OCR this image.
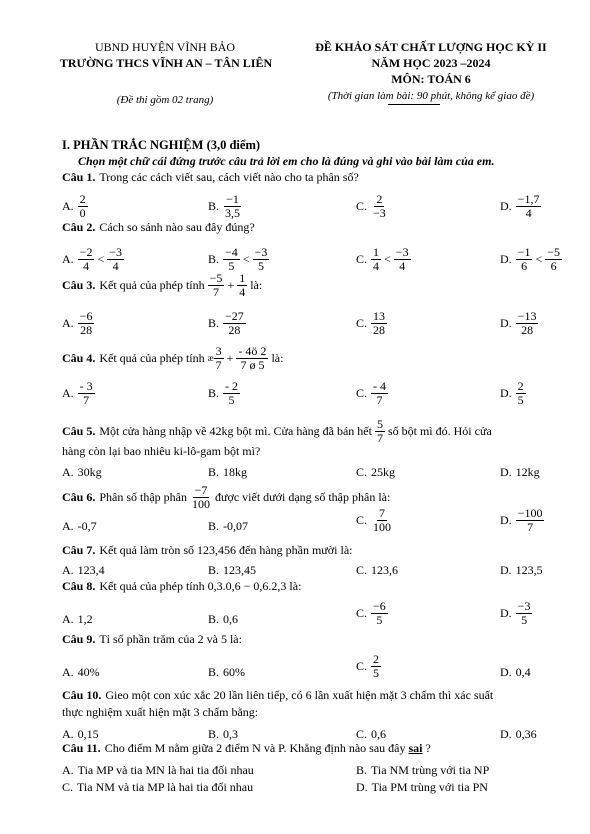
UBND HUYỆN VĨNH BẢO
TRƯỜNG THCS VĨNH AN – TÂN LIÊN
(Đề thi gồm 02 trang)
ĐỀ KHẢO SÁT CHẤT LƯỢNG HỌC KỲ II
NĂM HỌC 2023 –2024
MÔN: TOÁN 6
(Thời gian làm bài: 90 phút, không kể giao đề)
I. PHẦN TRẮC NGHIỆM (3,0 điểm)
Chọn một chữ cái đứng trước câu trả lời em cho là đúng và ghi vào bài làm của em.
Câu 1. Trong các cách viết sau, cách viết nào cho ta phân số?
A. $\frac{2}{0}$	B. $\frac{-1}{3,5}$	C. $\frac{2}{-3}$	D. $\frac{-1,7}{4}$
Câu 2. Cách so sánh nào sau đây đúng?
A. $\frac{-2}{4} < \frac{-3}{4}$	B. $\frac{-4}{5} < \frac{-3}{5}$	C. $\frac{1}{4} < \frac{-3}{4}$	D. $\frac{-1}{6} < \frac{-5}{6}$
Câu 3. Kết quả của phép tính $\frac{-5}{7} + \frac{1}{4}$ là:
A. $\frac{-6}{28}$	B. $\frac{-27}{28}$	C. $\frac{13}{28}$	D. $\frac{-13}{28}$
Câu 4. Kết quả của phép tính æ $\frac{3}{7} + \frac{- 4ö 2}{7 ø 5}$ là:
A. $\frac{- 3}{7}$	B. $\frac{- 2}{5}$	C. $\frac{- 4}{7}$	D. $\frac{2}{5}$
Câu 5. Một cửa hàng nhập về 42kg bột mì. Cửa hàng đã bán hết $\frac{5}{7}$ số bột mì đó. Hỏi cửa
hàng còn lại bao nhiêu ki-lô-gam bột mì?
A. 30kg	B. 18kg	C. 25kg	D. 12kg
Câu 6. Phân số thập phân $\frac{-7}{100}$ được viết dưới dạng số thập phân là:
A. -0,7	B. -0,07	C. $\frac{7}{100}$	D. $\frac{-100}{7}$
Câu 7. Kết quả làm tròn số 123,456 đến hàng phần mười là:
A. 123,4	B. 123,45	C. 123,6	D. 123,5
Câu 8. Kết quả của phép tính 0,3.0,6 − 0,6.2,3 là:
A. 1,2	B. 0,6	C. $\frac{-6}{5}$	D. $\frac{-3}{5}$
Câu 9. Tỉ số phần trăm của 2 và 5 là:
A. 40%	B. 60%	C. $\frac{2}{5}$	D. 0,4
Câu 10. Gieo một con xúc xắc 20 lần liên tiếp, có 6 lần xuất hiện mặt 3 chấm thì xác suất
thực nghiệm xuất hiện mặt 3 chấm bằng:
A. 0,15	B. 0,3	C. 0,6	D. 0,36
Câu 11. Cho điểm M nằm giữa 2 điểm N và P. Khẳng định nào sau đây sai ?
A. Tia MP và tia MN là hai tia đối nhau	B. Tia NM trùng với tia NP
C. Tia NM và tia MP là hai tia đối nhau	D. Tia PM trùng với tia PN
